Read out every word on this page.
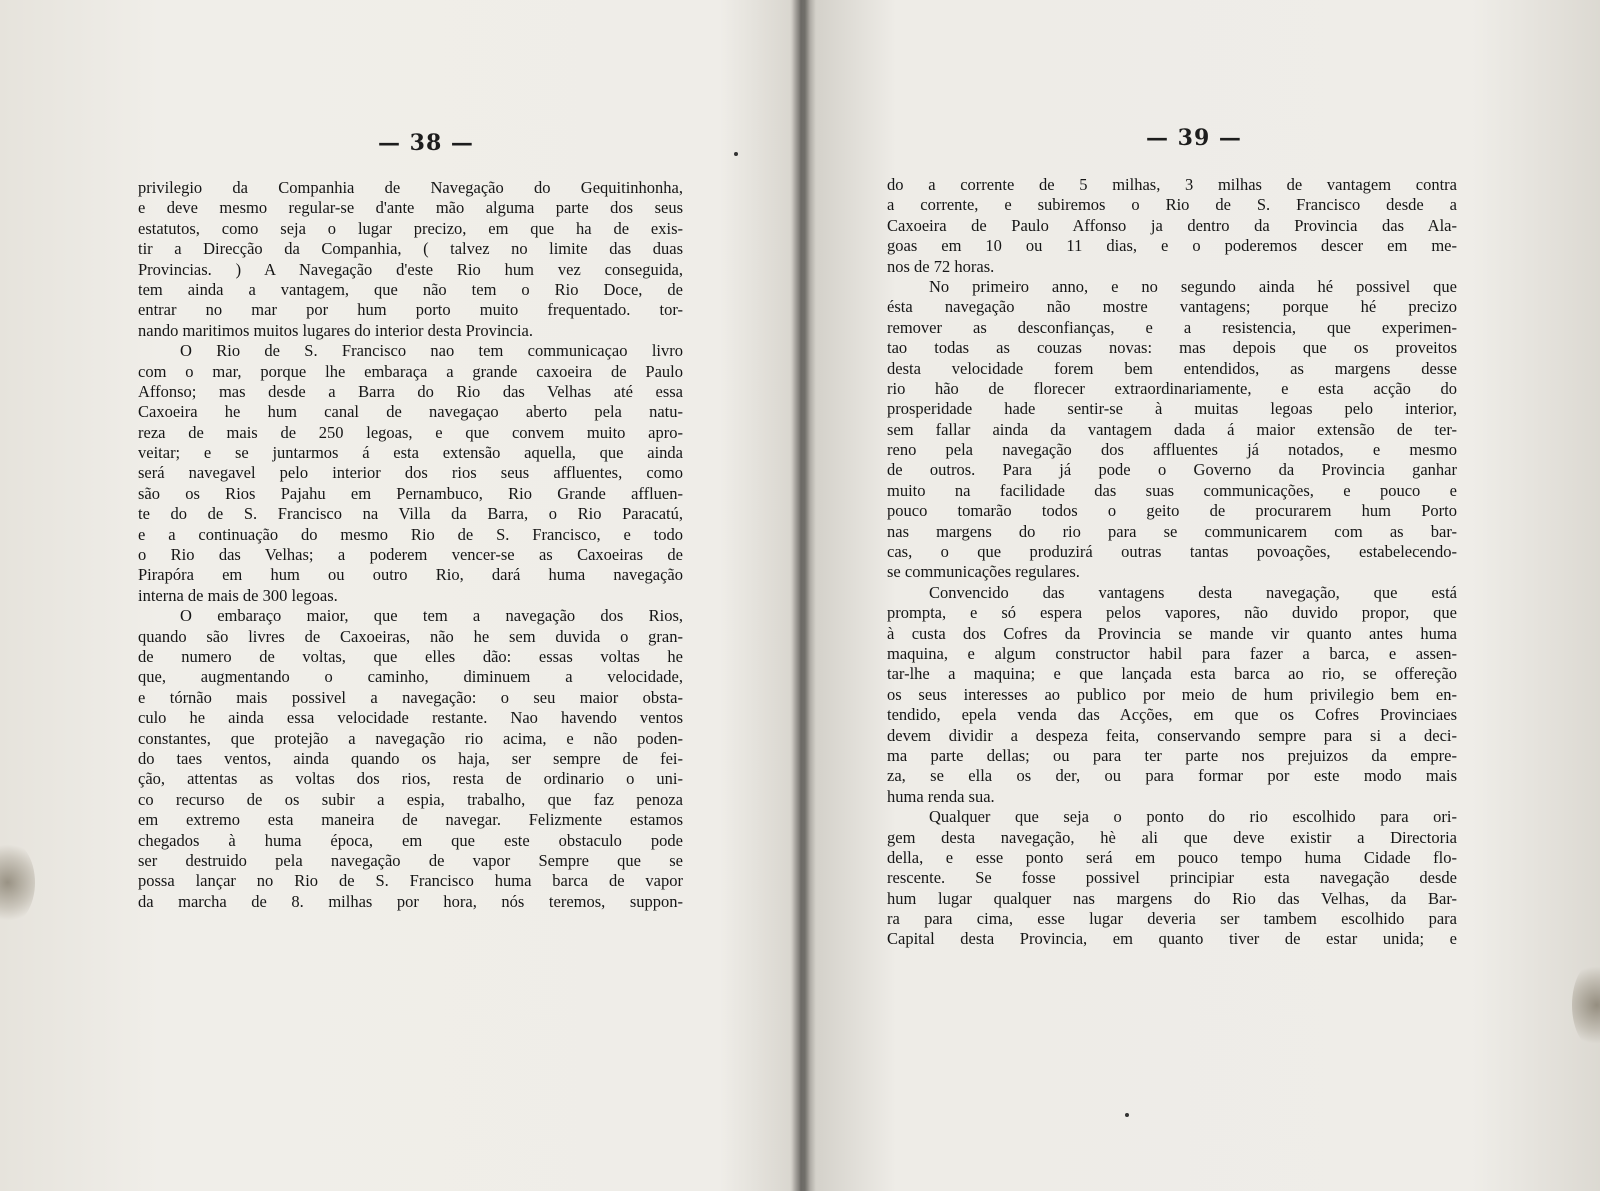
— 38 —
privilegio da Companhia de Navegação do Gequitinhonha,
e deve mesmo regular-se d'ante mão alguma parte dos seus
estatutos, como seja o lugar precizo, em que ha de exis-
tir a Direcção da Companhia, ( talvez no limite das duas
Provincias. ) A Navegação d'este Rio hum vez conseguida,
tem ainda a vantagem, que não tem o Rio Doce, de
entrar no mar por hum porto muito frequentado. tor-
nando maritimos muitos lugares do interior desta Provincia.
O Rio de S. Francisco nao tem communicaçao livro
com o mar, porque lhe embaraça a grande caxoeira de Paulo
Affonso; mas desde a Barra do Rio das Velhas até essa
Caxoeira he hum canal de navegaçao aberto pela natu-
reza de mais de 250 legoas, e que convem muito apro-
veitar; e se juntarmos á esta extensão aquella, que ainda
será navegavel pelo interior dos rios seus affluentes, como
são os Rios Pajahu em Pernambuco, Rio Grande affluen-
te do de S. Francisco na Villa da Barra, o Rio Paracatú,
e a continuação do mesmo Rio de S. Francisco, e todo
o Rio das Velhas; a poderem vencer-se as Caxoeiras de
Pirapóra em hum ou outro Rio, dará huma navegação
interna de mais de 300 legoas.
O embaraço maior, que tem a navegação dos Rios,
quando são livres de Caxoeiras, não he sem duvida o gran-
de numero de voltas, que elles dão: essas voltas he
que, augmentando o caminho, diminuem a velocidade,
e tórnão mais possivel a navegação: o seu maior obsta-
culo he ainda essa velocidade restante. Nao havendo ventos
constantes, que protejão a navegação rio acima, e não poden-
do taes ventos, ainda quando os haja, ser sempre de fei-
ção, attentas as voltas dos rios, resta de ordinario o uni-
co recurso de os subir a espia, trabalho, que faz penoza
em extremo esta maneira de navegar. Felizmente estamos
chegados à huma época, em que este obstaculo pode
ser destruido pela navegação de vapor Sempre que se
possa lançar no Rio de S. Francisco huma barca de vapor
da marcha de 8. milhas por hora, nós teremos, suppon-
— 39 —
do a corrente de 5 milhas, 3 milhas de vantagem contra
a corrente, e subiremos o Rio de S. Francisco desde a
Caxoeira de Paulo Affonso ja dentro da Provincia das Ala-
goas em 10 ou 11 dias, e o poderemos descer em me-
nos de 72 horas.
No primeiro anno, e no segundo ainda hé possivel que
ésta navegação não mostre vantagens; porque hé precizo
remover as desconfianças, e a resistencia, que experimen-
tao todas as couzas novas: mas depois que os proveitos
desta velocidade forem bem entendidos, as margens desse
rio hão de florecer extraordinariamente, e esta acção do
prosperidade hade sentir-se à muitas legoas pelo interior,
sem fallar ainda da vantagem dada á maior extensão de ter-
reno pela navegação dos affluentes já notados, e mesmo
de outros. Para já pode o Governo da Provincia ganhar
muito na facilidade das suas communicações, e pouco e
pouco tomarão todos o geito de procurarem hum Porto
nas margens do rio para se communicarem com as bar-
cas, o que produzirá outras tantas povoações, estabelecendo-
se communicações regulares.
Convencido das vantagens desta navegação, que está
prompta, e só espera pelos vapores, não duvido propor, que
à custa dos Cofres da Provincia se mande vir quanto antes huma
maquina, e algum constructor habil para fazer a barca, e assen-
tar-lhe a maquina; e que lançada esta barca ao rio, se offereção
os seus interesses ao publico por meio de hum privilegio bem en-
tendido, epela venda das Acções, em que os Cofres Provinciaes
devem dividir a despeza feita, conservando sempre para si a deci-
ma parte dellas; ou para ter parte nos prejuizos da empre-
za, se ella os der, ou para formar por este modo mais
huma renda sua.
Qualquer que seja o ponto do rio escolhido para ori-
gem desta navegação, hè ali que deve existir a Directoria
della, e esse ponto será em pouco tempo huma Cidade flo-
rescente. Se fosse possivel principiar esta navegação desde
hum lugar qualquer nas margens do Rio das Velhas, da Bar-
ra para cima, esse lugar deveria ser tambem escolhido para
Capital desta Provincia, em quanto tiver de estar unida; e
